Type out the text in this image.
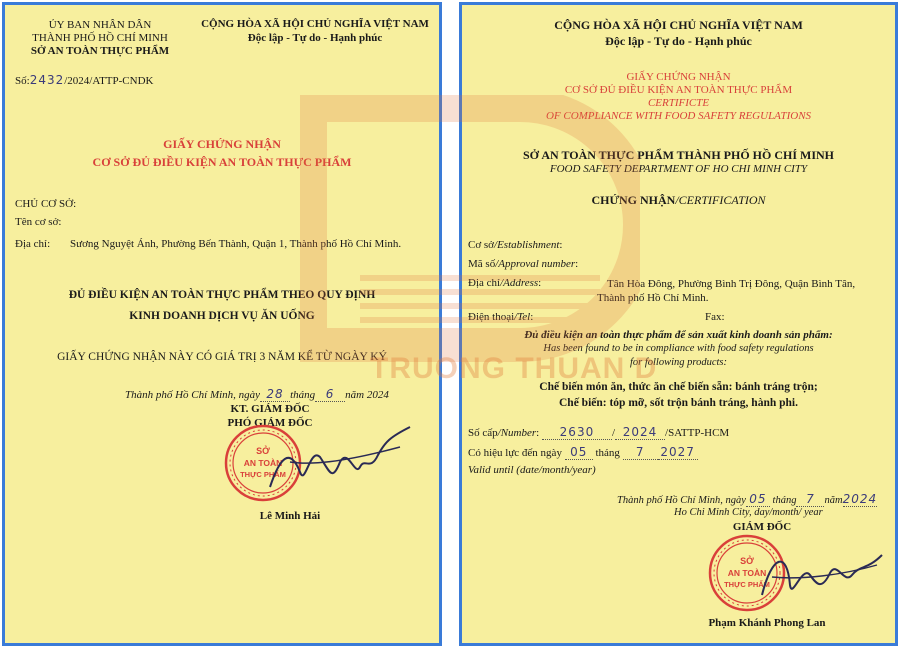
ỦY BAN NHÂN DÂN
THÀNH PHỐ HỒ CHÍ MINH
SỞ AN TOÀN THỰC PHẨM
CỘNG HÒA XÃ HỘI CHỦ NGHĨA VIỆT NAM
Độc lập - Tự do - Hạnh phúc
Số:2432/2024/ATTP-CNDK
GIẤY CHỨNG NHẬN
CƠ SỞ ĐỦ ĐIỀU KIỆN AN TOÀN THỰC PHẨM
CHỦ CƠ SỞ:
Tên cơ sở:
Địa chỉ: Sương Nguyệt Ánh, Phường Bến Thành, Quận 1, Thành phố Hồ Chí Minh.
ĐỦ ĐIỀU KIỆN AN TOÀN THỰC PHẨM THEO QUY ĐỊNH
KINH DOANH DỊCH VỤ ĂN UỐNG
GIẤY CHỨNG NHẬN NÀY CÓ GIÁ TRỊ 3 NĂM KỂ TỪ NGÀY KÝ
Thành phố Hồ Chí Minh, ngày 28 tháng 6 năm 2024
KT. GIÁM ĐỐC
PHÓ GIÁM ĐỐC
SỞ
AN TOÀN
THỰC PHẨM
Lê Minh Hải
CỘNG HÒA XÃ HỘI CHỦ NGHĨA VIỆT NAM
Độc lập - Tự do - Hạnh phúc
GIẤY CHỨNG NHẬN
CƠ SỞ ĐỦ ĐIỀU KIỆN AN TOÀN THỰC PHẨM
CERTIFICTE
OF COMPLIANCE WITH FOOD SAFETY REGULATIONS
SỞ AN TOÀN THỰC PHẨM THÀNH PHỐ HỒ CHÍ MINH
FOOD SAFETY DEPARTMENT OF HO CHI MINH CITY
CHỨNG NHẬN/CERTIFICATION
Cơ sở/Establishment:
Mã số/Approval number:
Địa chỉ/Address:	Tân Hòa Đông, Phường Bình Trị Đông, Quận Bình Tân,
Thành phố Hồ Chí Minh.
Điện thoại/Tel:	Fax:
Đủ điều kiện an toàn thực phẩm để sản xuất kinh doanh sản phẩm:
Has been found to be in compliance with food safety regulations
for following products:
Chế biến món ăn, thức ăn chế biến sẵn: bánh tráng trộn;
Chế biến: tóp mỡ, sốt trộn bánh tráng, hành phi.
Số cấp/Number: 2630 / 2024 /SATTP-HCM
Có hiệu lực đến ngày 05 tháng 7 2027
Valid until (date/month/year)
Thành phố Hồ Chí Minh, ngày 05 tháng 7 năm2024
Ho Chi Minh City, day/month/ year
GIÁM ĐỐC
SỞ
AN TOÀN
THỰC PHẨM
Phạm Khánh Phong Lan
TRUONG THUAN D
